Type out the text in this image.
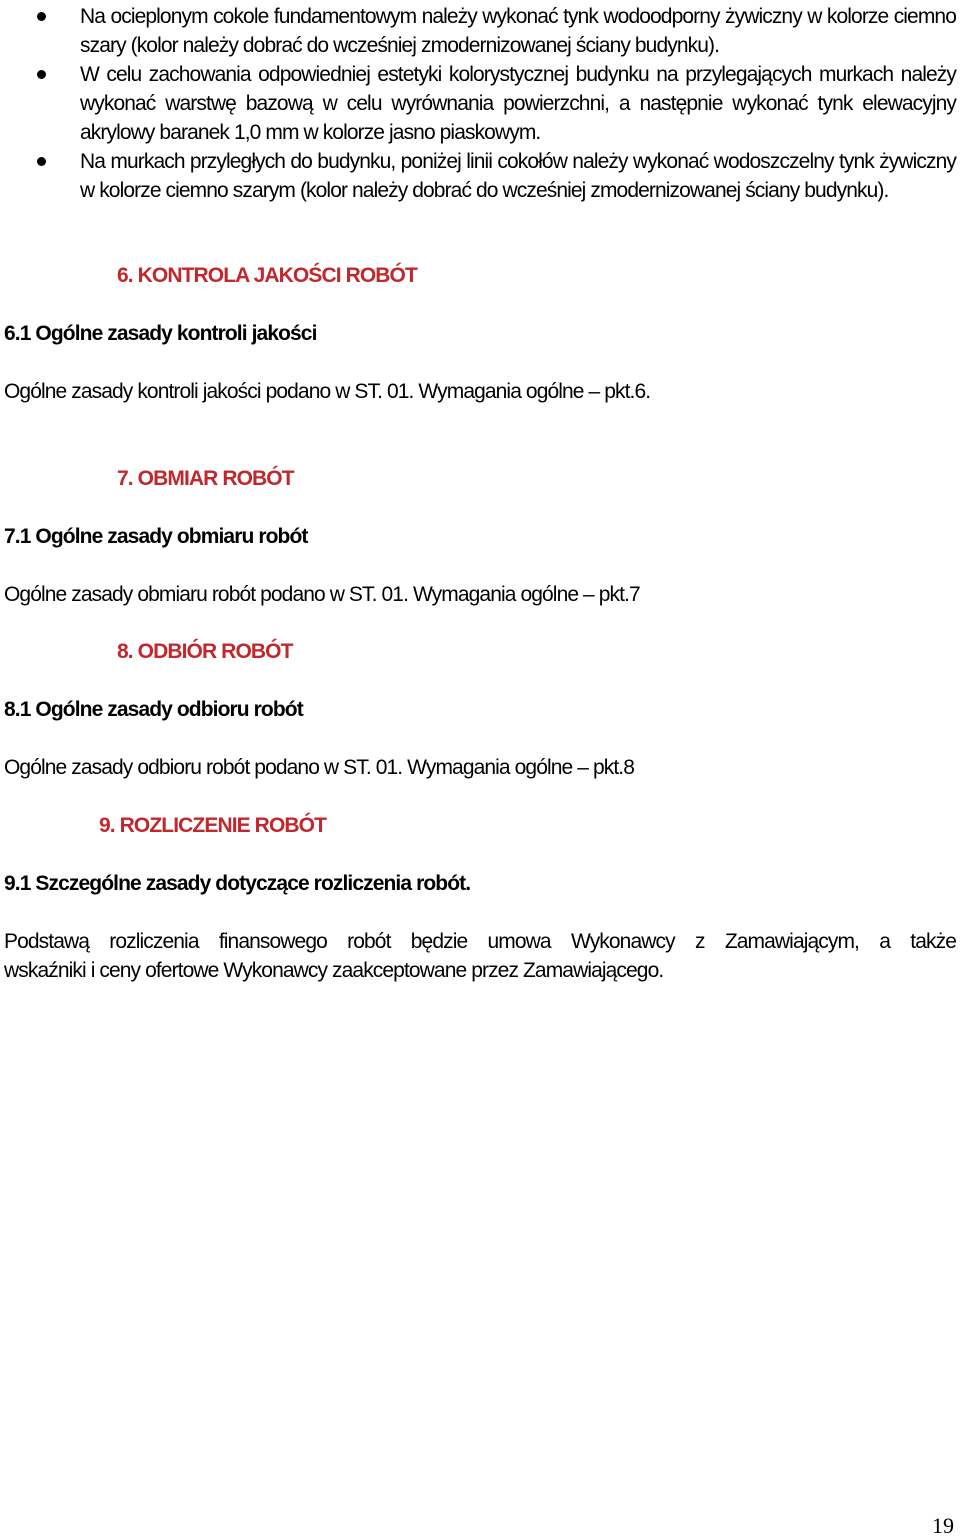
Na ocieplonym cokole fundamentowym należy wykonać tynk wodoodporny żywiczny w kolorze ciemno szary (kolor należy dobrać do wcześniej zmodernizowanej ściany budynku).
W celu zachowania odpowiedniej estetyki kolorystycznej budynku na przylegających murkach należy wykonać warstwę bazową w celu wyrównania powierzchni, a następnie wykonać tynk elewacyjny akrylowy baranek 1,0 mm w kolorze jasno piaskowym.
Na murkach przyległych do budynku, poniżej linii cokołów należy wykonać wodoszczelny tynk żywiczny w kolorze ciemno szarym (kolor należy dobrać do wcześniej zmodernizowanej ściany budynku).
6. KONTROLA JAKOŚCI ROBÓT
6.1 Ogólne zasady kontroli jakości
Ogólne zasady kontroli jakości podano w ST. 01. Wymagania ogólne – pkt.6.
7. OBMIAR ROBÓT
7.1 Ogólne zasady obmiaru robót
Ogólne zasady obmiaru robót podano w ST. 01. Wymagania ogólne – pkt.7
8. ODBIÓR ROBÓT
8.1 Ogólne zasady odbioru robót
Ogólne zasady odbioru robót podano w ST. 01. Wymagania ogólne – pkt.8
9. ROZLICZENIE ROBÓT
9.1 Szczególne zasady dotyczące rozliczenia robót.
Podstawą rozliczenia finansowego robót będzie umowa Wykonawcy z Zamawiającym, a także
wskaźniki i ceny ofertowe Wykonawcy zaakceptowane przez Zamawiającego.
19
